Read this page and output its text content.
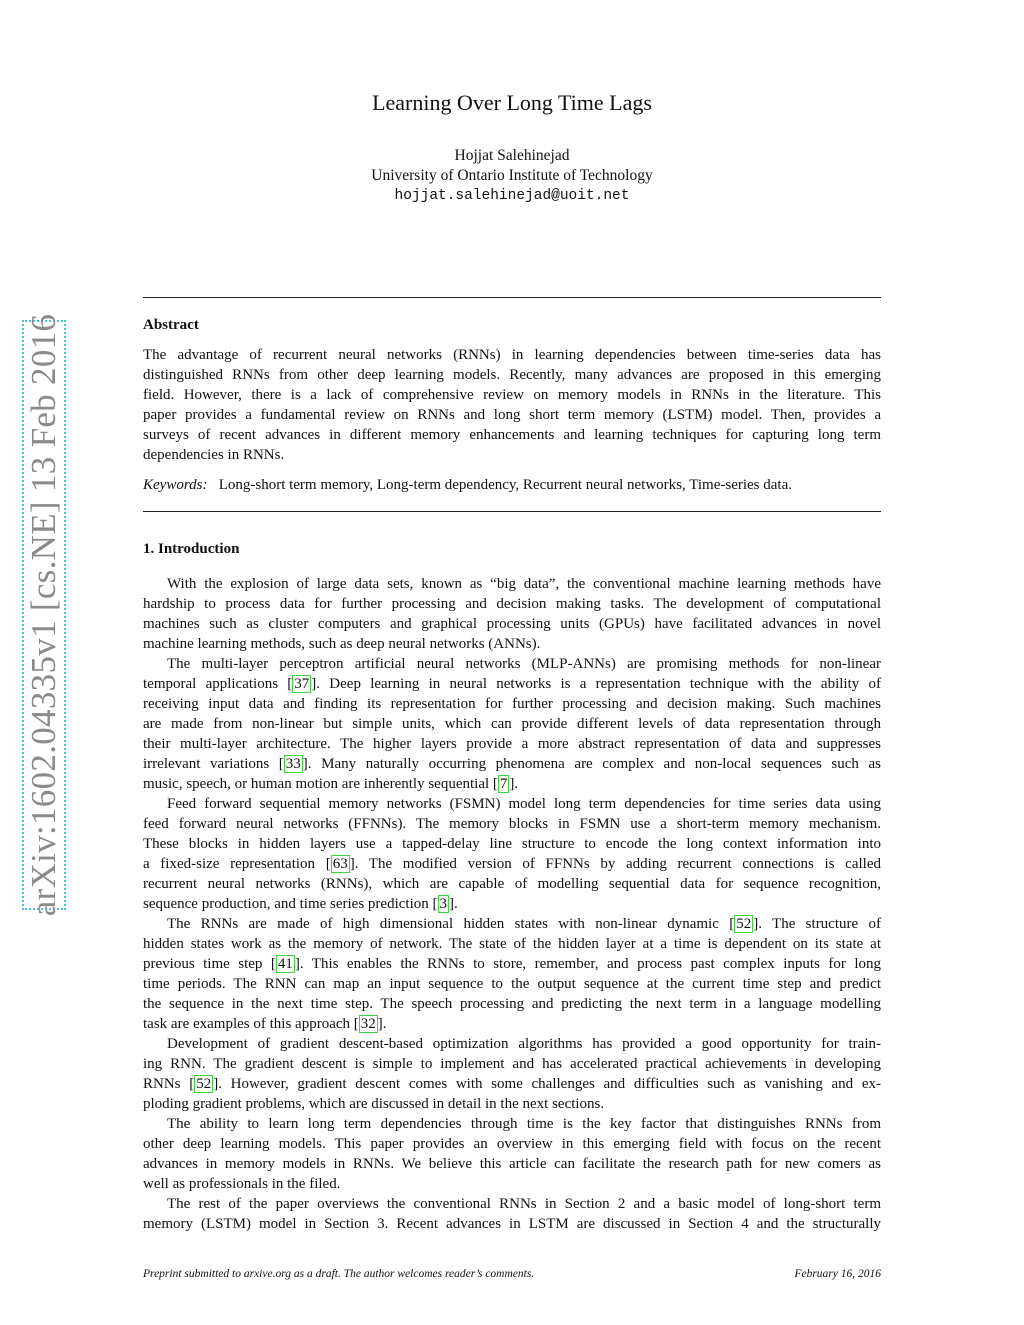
arXiv:1602.04335v1 [cs.NE] 13 Feb 2016
Learning Over Long Time Lags
Hojjat Salehinejad
University of Ontario Institute of Technology
hojjat.salehinejad@uoit.net
Abstract
The advantage of recurrent neural networks (RNNs) in learning dependencies between time-series data has
distinguished RNNs from other deep learning models. Recently, many advances are proposed in this emerging
field. However, there is a lack of comprehensive review on memory models in RNNs in the literature. This
paper provides a fundamental review on RNNs and long short term memory (LSTM) model. Then, provides a
surveys of recent advances in different memory enhancements and learning techniques for capturing long term
dependencies in RNNs.
Keywords: Long-short term memory, Long-term dependency, Recurrent neural networks, Time-series data.
1. Introduction
With the explosion of large data sets, known as “big data”, the conventional machine learning methods have
hardship to process data for further processing and decision making tasks. The development of computational
machines such as cluster computers and graphical processing units (GPUs) have facilitated advances in novel
machine learning methods, such as deep neural networks (ANNs).
The multi-layer perceptron artificial neural networks (MLP-ANNs) are promising methods for non-linear
temporal applications [ 37 ]. Deep learning in neural networks is a representation technique with the ability of
receiving input data and finding its representation for further processing and decision making. Such machines
are made from non-linear but simple units, which can provide different levels of data representation through
their multi-layer architecture. The higher layers provide a more abstract representation of data and suppresses
irrelevant variations [ 33 ]. Many naturally occurring phenomena are complex and non-local sequences such as
music, speech, or human motion are inherently sequential [ 7 ].
Feed forward sequential memory networks (FSMN) model long term dependencies for time series data using
feed forward neural networks (FFNNs). The memory blocks in FSMN use a short-term memory mechanism.
These blocks in hidden layers use a tapped-delay line structure to encode the long context information into
a fixed-size representation [ 63 ]. The modified version of FFNNs by adding recurrent connections is called
recurrent neural networks (RNNs), which are capable of modelling sequential data for sequence recognition,
sequence production, and time series prediction [ 3 ].
The RNNs are made of high dimensional hidden states with non-linear dynamic [ 52 ]. The structure of
hidden states work as the memory of network. The state of the hidden layer at a time is dependent on its state at
previous time step [ 41 ]. This enables the RNNs to store, remember, and process past complex inputs for long
time periods. The RNN can map an input sequence to the output sequence at the current time step and predict
the sequence in the next time step. The speech processing and predicting the next term in a language modelling
task are examples of this approach [ 32 ].
Development of gradient descent-based optimization algorithms has provided a good opportunity for train-
ing RNN. The gradient descent is simple to implement and has accelerated practical achievements in developing
RNNs [ 52 ]. However, gradient descent comes with some challenges and difficulties such as vanishing and ex-
ploding gradient problems, which are discussed in detail in the next sections.
The ability to learn long term dependencies through time is the key factor that distinguishes RNNs from
other deep learning models. This paper provides an overview in this emerging field with focus on the recent
advances in memory models in RNNs. We believe this article can facilitate the research path for new comers as
well as professionals in the filed.
The rest of the paper overviews the conventional RNNs in Section 2 and a basic model of long-short term
memory (LSTM) model in Section 3. Recent advances in LSTM are discussed in Section 4 and the structurally
Preprint submitted to arxive.org as a draft. The author welcomes reader’s comments.	February 16, 2016
